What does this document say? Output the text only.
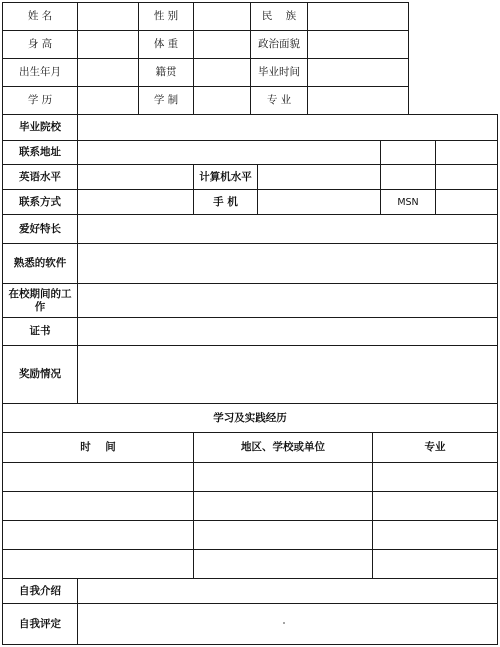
姓 名	性 别	民    族
身 高	体 重	政治面貌
出生年月	籍贯	毕业时间
学 历	学 制	专 业
毕业院校
联系地址
英语水平	计算机水平
联系方式	手 机	MSN
爱好特长
熟悉的软件
在校期间的工作
证书
奖励情况
学习及实践经历
时    间	地区、学校或单位	专业
自我介绍
自我评定
